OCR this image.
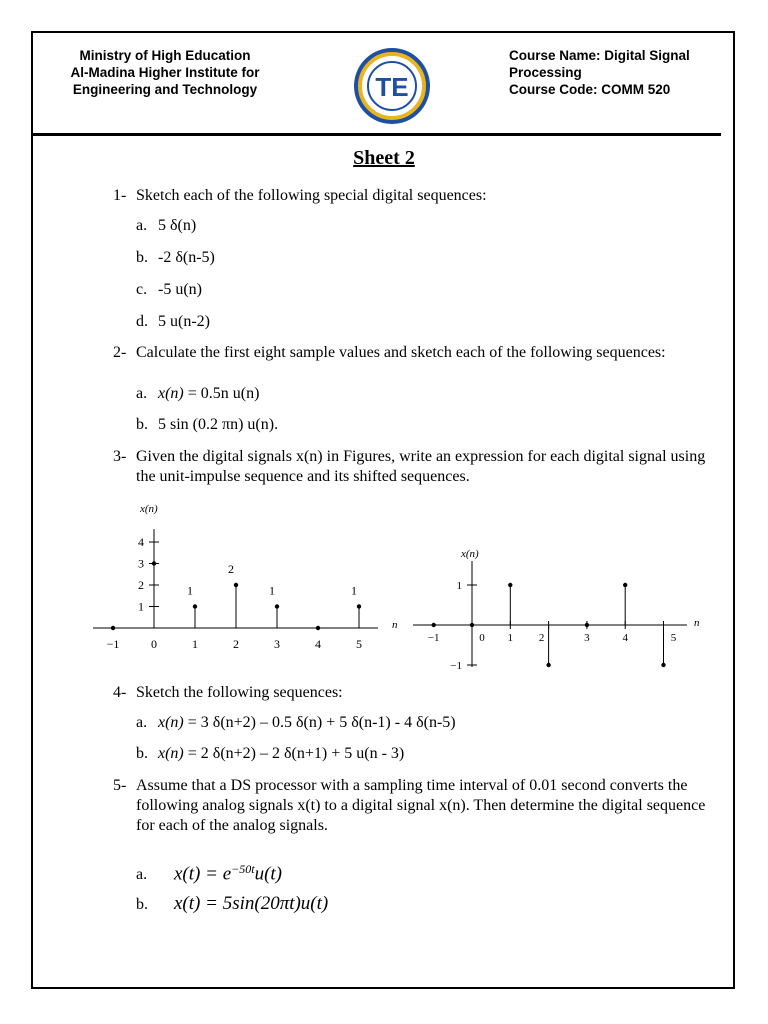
Ministry of High Education
Al-Madina Higher Institute for
Engineering and Technology	TE
Course Name: Digital Signal
Processing
Course Code: COMM 520
Sheet 2
1- Sketch each of the following special digital sequences:
a. 5 δ(n)
b. -2 δ(n-5)
c. -5 u(n)
d. 5 u(n-2)
2- Calculate the first eight sample values and sketch each of the following sequences:
a. x(n) = 0.5n u(n)
b. 5 sin (0.2 πn) u(n).
3- Given the digital signals x(n) in Figures, write an expression for each digital signal using the unit-impulse sequence and its shifted sequences.
x(n)
n
4
3
2
1
−1	0	1	2	3	4	5
1
2
1	1
x(n)
n
1
−1
−1	0 1 2	3	4	5
4- Sketch the following sequences:
a. x(n) = 3 δ(n+2) – 0.5 δ(n) + 5 δ(n-1) - 4 δ(n-5)
b. x(n) = 2 δ(n+2) – 2 δ(n+1) + 5 u(n - 3)
5- Assume that a DS processor with a sampling time interval of 0.01 second converts the following analog signals x(t) to a digital signal x(n). Then determine the digital sequence for each of the analog signals.
a. $x(t) = e^{-50t}u(t)$
b. x(t) = 5sin(20πt)u(t)
